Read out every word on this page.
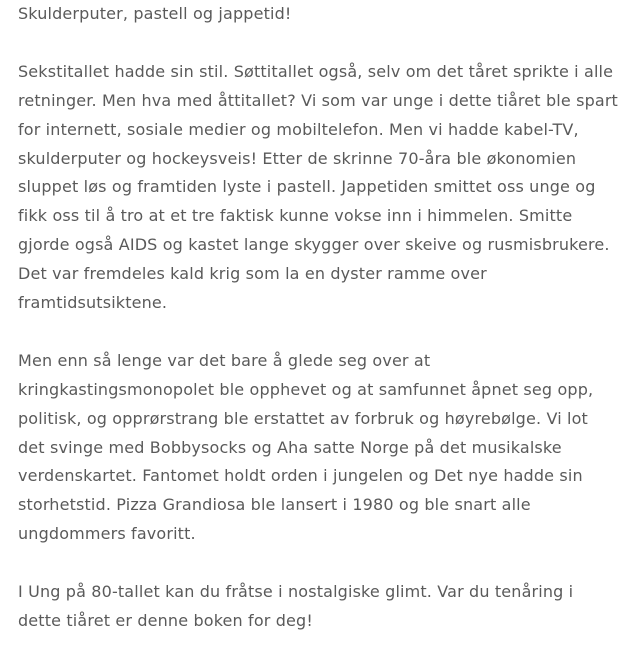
Skulderputer, pastell og jappetid!

Sekstitallet hadde sin stil. Søttitallet også, selv om det tåret sprikte i alle retninger. Men hva med åttitallet? Vi som var unge i dette tiåret ble spart for internett, sosiale medier og mobiltelefon. Men vi hadde kabel-TV, skulderputer og hockeysveis! Etter de skrinne 70-åra ble økonomien sluppet løs og framtiden lyste i pastell. Jappetiden smittet oss unge og fikk oss til å tro at et tre faktisk kunne vokse inn i himmelen. Smitte gjorde også AIDS og kastet lange skygger over skeive og rusmisbrukere. Det var fremdeles kald krig som la en dyster ramme over framtidsutsiktene.

Men enn så lenge var det bare å glede seg over at kringkastingsmonopolet ble opphevet og at samfunnet åpnet seg opp, politisk, og opprørstrang ble erstattet av forbruk og høyrebølge. Vi lot det svinge med Bobbysocks og Aha satte Norge på det musikalske verdenskartet. Fantomet holdt orden i jungelen og Det nye hadde sin storhetstid. Pizza Grandiosa ble lansert i 1980 og ble snart alle ungdommers favoritt.

I Ung på 80-tallet kan du fråtse i nostalgiske glimt. Var du tenåring i dette tiåret er denne boken for deg!
